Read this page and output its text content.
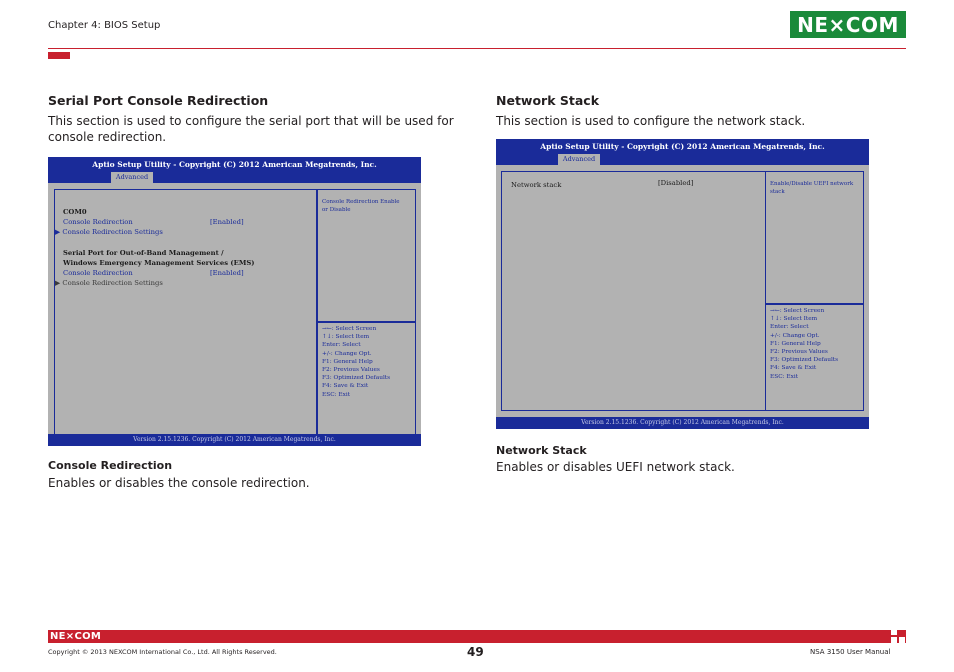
Chapter 4: BIOS Setup	NE×COM
Serial Port Console Redirection
This section is used to configure the serial port that will be used for console redirection.
Aptio Setup Utility - Copyright (C) 2012 American Megatrends, Inc.
Advanced
COM0
Console Redirection	[Enabled]
▶ Console Redirection Settings
Serial Port for Out-of-Band Management /
Windows Emergency Management Services (EMS)
Console Redirection	[Enabled]
▶ Console Redirection Settings
Console Redirection Enable
or Disable
→←: Select Screen
↑↓: Select Item
Enter: Select
+/-: Change Opt.
F1: General Help
F2: Previous Values
F3: Optimized Defaults
F4: Save & Exit
ESC: Exit
Version 2.15.1236. Copyright (C) 2012 American Megatrends, Inc.
Console Redirection
Enables or disables the console redirection.
Network Stack
This section is used to configure the network stack.
Aptio Setup Utility - Copyright (C) 2012 American Megatrends, Inc.
Advanced
Network stack	[Disabled]	Enable/Disable UEFI network
stack
→←: Select Screen
↑↓: Select Item
Enter: Select
+/-: Change Opt.
F1: General Help
F2: Previous Values
F3: Optimized Defaults
F4: Save & Exit
ESC: Exit
Version 2.15.1236. Copyright (C) 2012 American Megatrends, Inc.
Network Stack
Enables or disables UEFI network stack.
NE×COM
Copyright © 2013 NEXCOM International Co., Ltd. All Rights Reserved.	49	NSA 3150 User Manual
